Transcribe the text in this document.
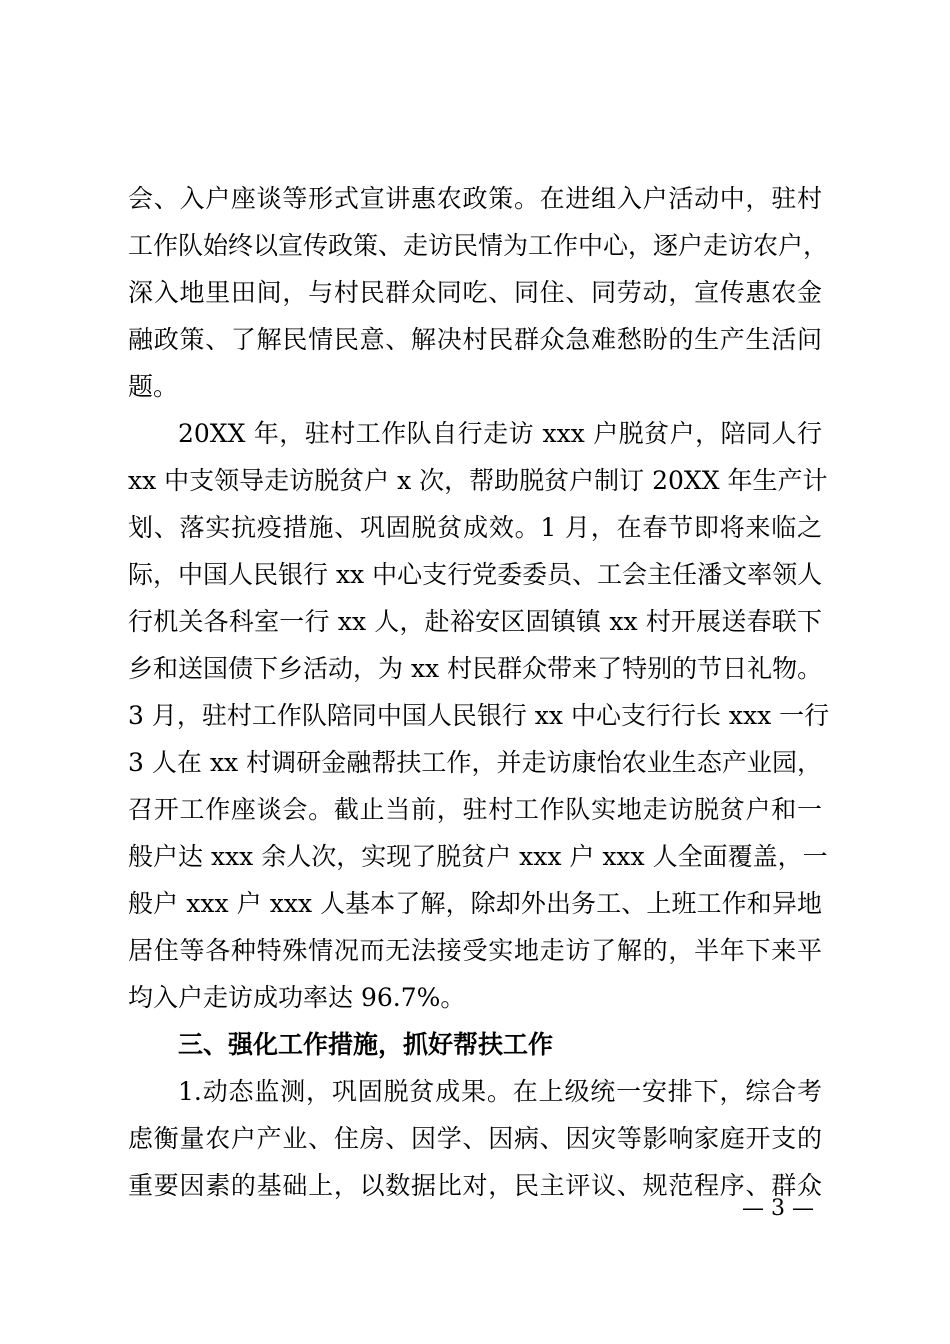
会、入户座谈等形式宣讲惠农政策。在进组入户活动中，驻村
工作队始终以宣传政策、走访民情为工作中心，逐户走访农户，
深入地里田间，与村民群众同吃、同住、同劳动，宣传惠农金
融政策、了解民情民意、解决村民群众急难愁盼的生产生活问
题。
20XX 年，驻村工作队自行走访 xxx 户脱贫户，陪同人行
xx 中支领导走访脱贫户 x 次，帮助脱贫户制订 20XX 年生产计
划、落实抗疫措施、巩固脱贫成效。1 月，在春节即将来临之
际，中国人民银行 xx 中心支行党委委员、工会主任潘文率领人
行机关各科室一行 xx 人，赴裕安区固镇镇 xx 村开展送春联下
乡和送国债下乡活动，为 xx 村民群众带来了特别的节日礼物。
3 月，驻村工作队陪同中国人民银行 xx 中心支行行长 xxx 一行
3 人在 xx 村调研金融帮扶工作，并走访康怡农业生态产业园，
召开工作座谈会。截止当前，驻村工作队实地走访脱贫户和一
般户达 xxx 余人次，实现了脱贫户 xxx 户 xxx 人全面覆盖，一
般户 xxx 户 xxx 人基本了解，除却外出务工、上班工作和异地
居住等各种特殊情况而无法接受实地走访了解的，半年下来平
均入户走访成功率达 96.7%。
三、强化工作措施，抓好帮扶工作
1.动态监测，巩固脱贫成果。在上级统一安排下，综合考
虑衡量农户产业、住房、因学、因病、因灾等影响家庭开支的
重要因素的基础上，以数据比对，民主评议、规范程序、群众
— 3 —
